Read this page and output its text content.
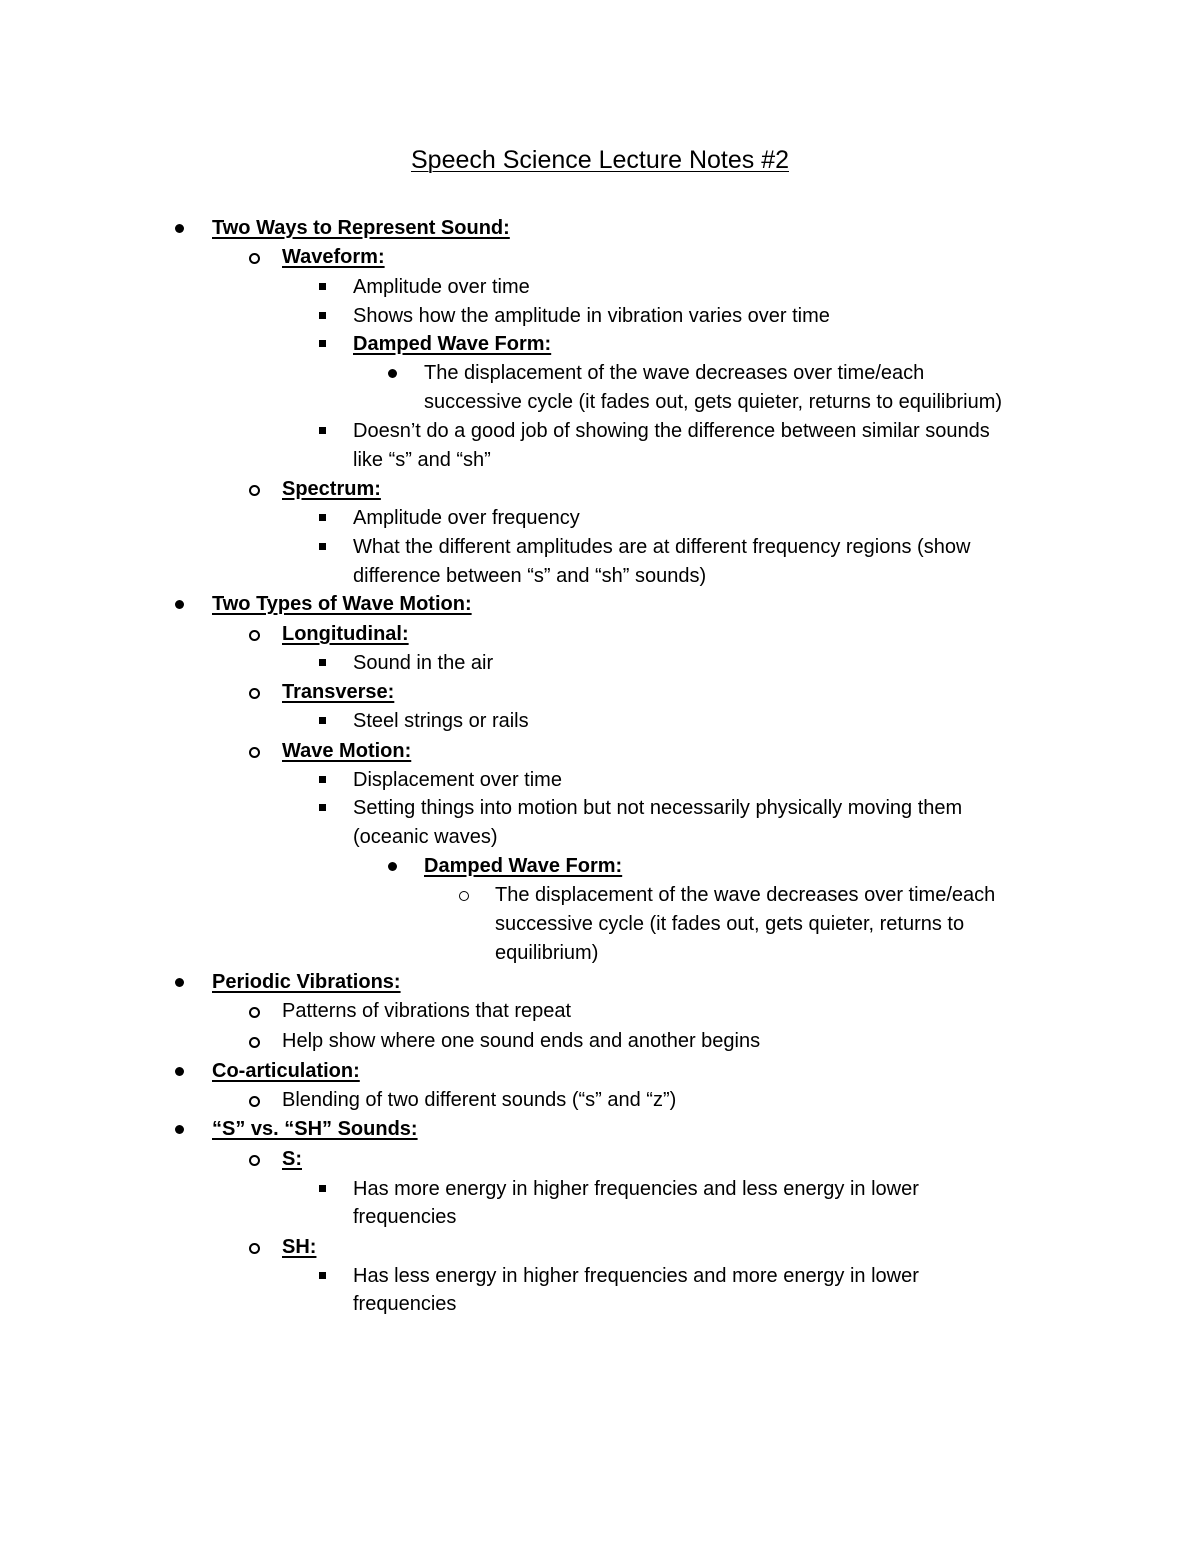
Speech Science Lecture Notes #2
Two Ways to Represent Sound:
Waveform:
Amplitude over time
Shows how the amplitude in vibration varies over time
Damped Wave Form:
The displacement of the wave decreases over time/each
successive cycle (it fades out, gets quieter, returns to equilibrium)
Doesn’t do a good job of showing the difference between similar sounds
like “s” and “sh”
Spectrum:
Amplitude over frequency
What the different amplitudes are at different frequency regions (show
difference between “s” and “sh” sounds)
Two Types of Wave Motion:
Longitudinal:
Sound in the air
Transverse:
Steel strings or rails
Wave Motion:
Displacement over time
Setting things into motion but not necessarily physically moving them
(oceanic waves)
Damped Wave Form:
The displacement of the wave decreases over time/each
successive cycle (it fades out, gets quieter, returns to
equilibrium)
Periodic Vibrations:
Patterns of vibrations that repeat
Help show where one sound ends and another begins
Co-articulation:
Blending of two different sounds (“s” and “z”)
“S” vs. “SH” Sounds:
S:
Has more energy in higher frequencies and less energy in lower
frequencies
SH:
Has less energy in higher frequencies and more energy in lower
frequencies
